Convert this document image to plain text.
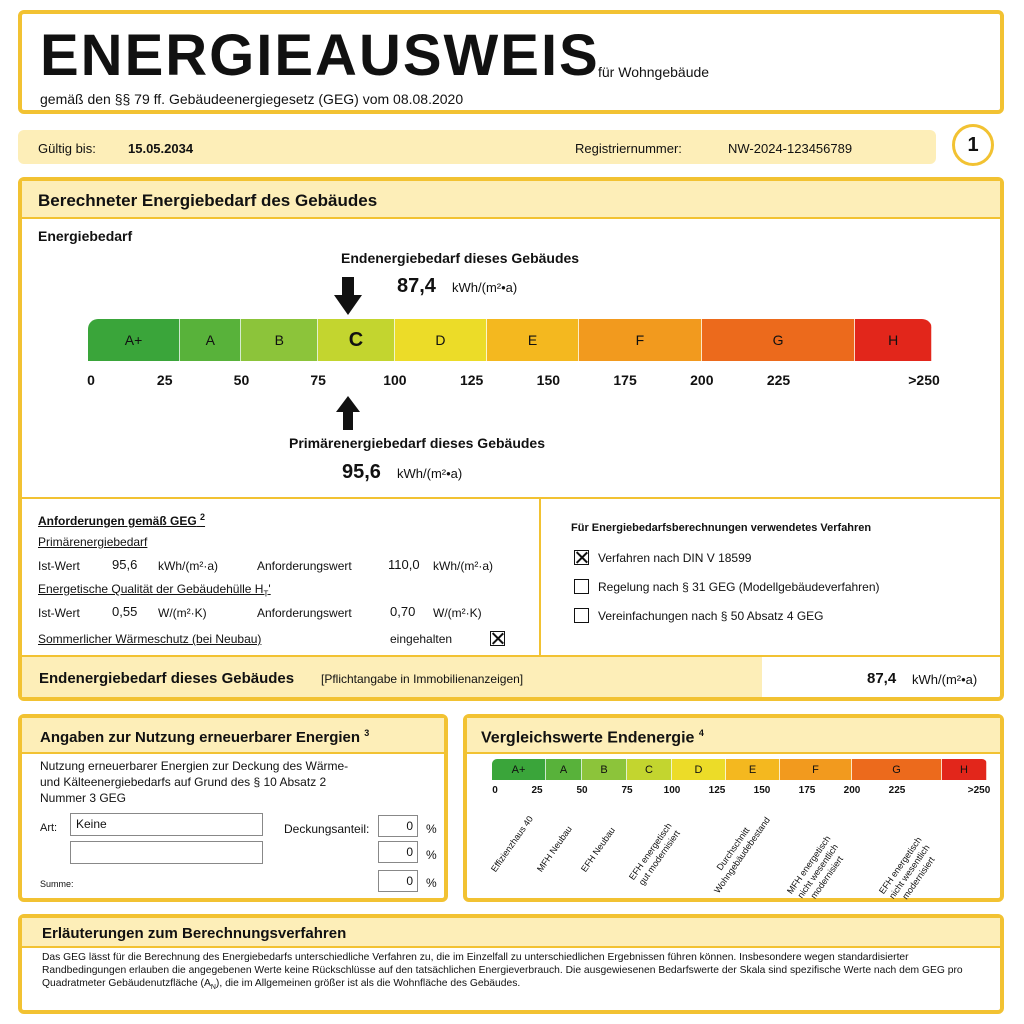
ENERGIEAUSWEIS
für Wohngebäude
gemäß den §§ 79 ff. Gebäudeenergiegesetz (GEG) vom 08.08.2020
Gültig bis: 15.05.2034	Registriernummer:	NW-2024-123456789	1
Berechneter Energiebedarf des Gebäudes
Energiebedarf
Endenergiebedarf dieses Gebäudes
87,4 kWh/(m²•a)
A+	A	B	C	D	E	F	G	H
0	25	50	75	100	125	150	175	200	225	>250
Primärenergiebedarf dieses Gebäudes
95,6 kWh/(m²•a)
Anforderungen gemäß GEG $^2$
Primärenergiebedarf
Ist-Wert 95,6 kWh/(m²·a)	Anforderungswert	110,0 kWh/(m²·a)
Energetische Qualität der Gebäudehülle $H_T'$
Ist-Wert 0,55 W/(m²·K)	Anforderungswert	0,70 W/(m²·K)
Sommerlicher Wärmeschutz (bei Neubau)	eingehalten
Für Energiebedarfsberechnungen verwendetes Verfahren
Verfahren nach DIN V 18599
Regelung nach § 31 GEG (Modellgebäudeverfahren)
Vereinfachungen nach § 50 Absatz 4 GEG
Endenergiebedarf dieses Gebäudes [Pflichtangabe in Immobilienanzeigen]	87,4 kWh/(m²•a)
Angaben zur Nutzung erneuerbarer Energien $^3$
Nutzung erneuerbarer Energien zur Deckung des Wärme- und Kälteenergiebedarfs auf Grund des § 10 Absatz 2 Nummer 3 GEG
Art:	Keine	Deckungsanteil:	0	%
0	%
Summe:	0	%
Vergleichswerte Endenergie $^4$
A+	A	B	C	D	E	F	G	H
0	25	50	75	100	125	150	175	200	225	>250
Effizienzhaus 40 MFH Neubau EFH Neubau EFH energetisch
gut modernisiert	Durchschnitt
Wohngebäudebestand MFH energetisch
nicht wesentlich
modernisiert	EFH energetisch
nicht wesentlich
modernisiert
Erläuterungen zum Berechnungsverfahren
Das GEG lässt für die Berechnung des Energiebedarfs unterschiedliche Verfahren zu, die im Einzelfall zu unterschiedlichen Ergebnissen führen können. Insbesondere wegen standardisierter Randbedingungen erlauben die angegebenen Werte keine Rückschlüsse auf den tatsächlichen Energieverbrauch. Die ausgewiesenen Bedarfswerte der Skala sind spezifische Werte nach dem GEG pro Quadratmeter Gebäudenutzfläche $(A_N)$, die im Allgemeinen größer ist als die Wohnfläche des Gebäudes.
